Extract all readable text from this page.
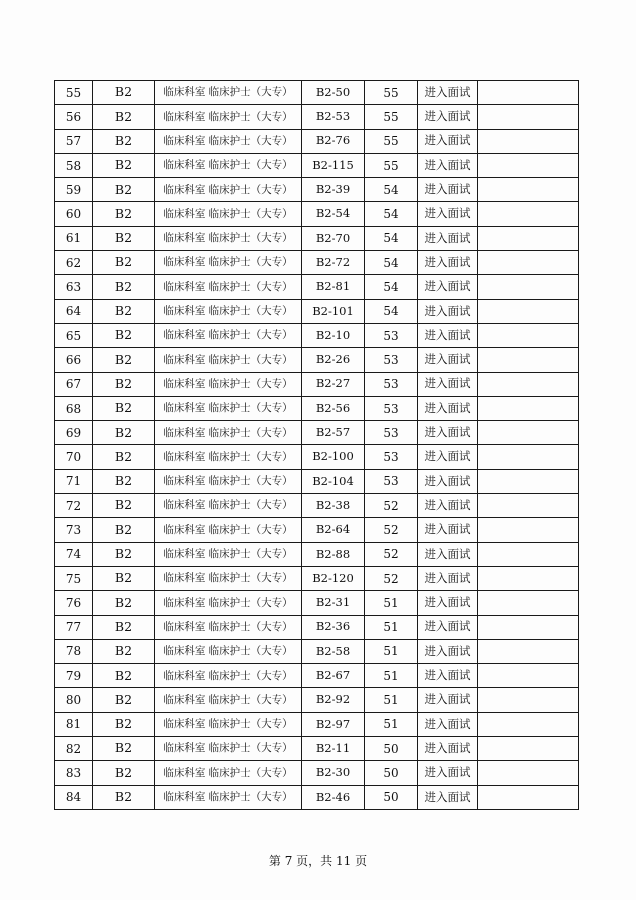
55	B2	临床科室 临床护士（大专）	B2-50	55	进入面试	
56	B2	临床科室 临床护士（大专）	B2-53	55	进入面试	
57	B2	临床科室 临床护士（大专）	B2-76	55	进入面试	
58	B2	临床科室 临床护士（大专）	B2-115	55	进入面试	
59	B2	临床科室 临床护士（大专）	B2-39	54	进入面试	
60	B2	临床科室 临床护士（大专）	B2-54	54	进入面试	
61	B2	临床科室 临床护士（大专）	B2-70	54	进入面试	
62	B2	临床科室 临床护士（大专）	B2-72	54	进入面试	
63	B2	临床科室 临床护士（大专）	B2-81	54	进入面试	
64	B2	临床科室 临床护士（大专）	B2-101	54	进入面试	
65	B2	临床科室 临床护士（大专）	B2-10	53	进入面试	
66	B2	临床科室 临床护士（大专）	B2-26	53	进入面试	
67	B2	临床科室 临床护士（大专）	B2-27	53	进入面试	
68	B2	临床科室 临床护士（大专）	B2-56	53	进入面试	
69	B2	临床科室 临床护士（大专）	B2-57	53	进入面试	
70	B2	临床科室 临床护士（大专）	B2-100	53	进入面试	
71	B2	临床科室 临床护士（大专）	B2-104	53	进入面试	
72	B2	临床科室 临床护士（大专）	B2-38	52	进入面试	
73	B2	临床科室 临床护士（大专）	B2-64	52	进入面试	
74	B2	临床科室 临床护士（大专）	B2-88	52	进入面试	
75	B2	临床科室 临床护士（大专）	B2-120	52	进入面试	
76	B2	临床科室 临床护士（大专）	B2-31	51	进入面试	
77	B2	临床科室 临床护士（大专）	B2-36	51	进入面试	
78	B2	临床科室 临床护士（大专）	B2-58	51	进入面试	
79	B2	临床科室 临床护士（大专）	B2-67	51	进入面试	
80	B2	临床科室 临床护士（大专）	B2-92	51	进入面试	
81	B2	临床科室 临床护士（大专）	B2-97	51	进入面试	
82	B2	临床科室 临床护士（大专）	B2-11	50	进入面试	
83	B2	临床科室 临床护士（大专）	B2-30	50	进入面试	
84	B2	临床科室 临床护士（大专）	B2-46	50	进入面试	
第 7 页，共 11 页
